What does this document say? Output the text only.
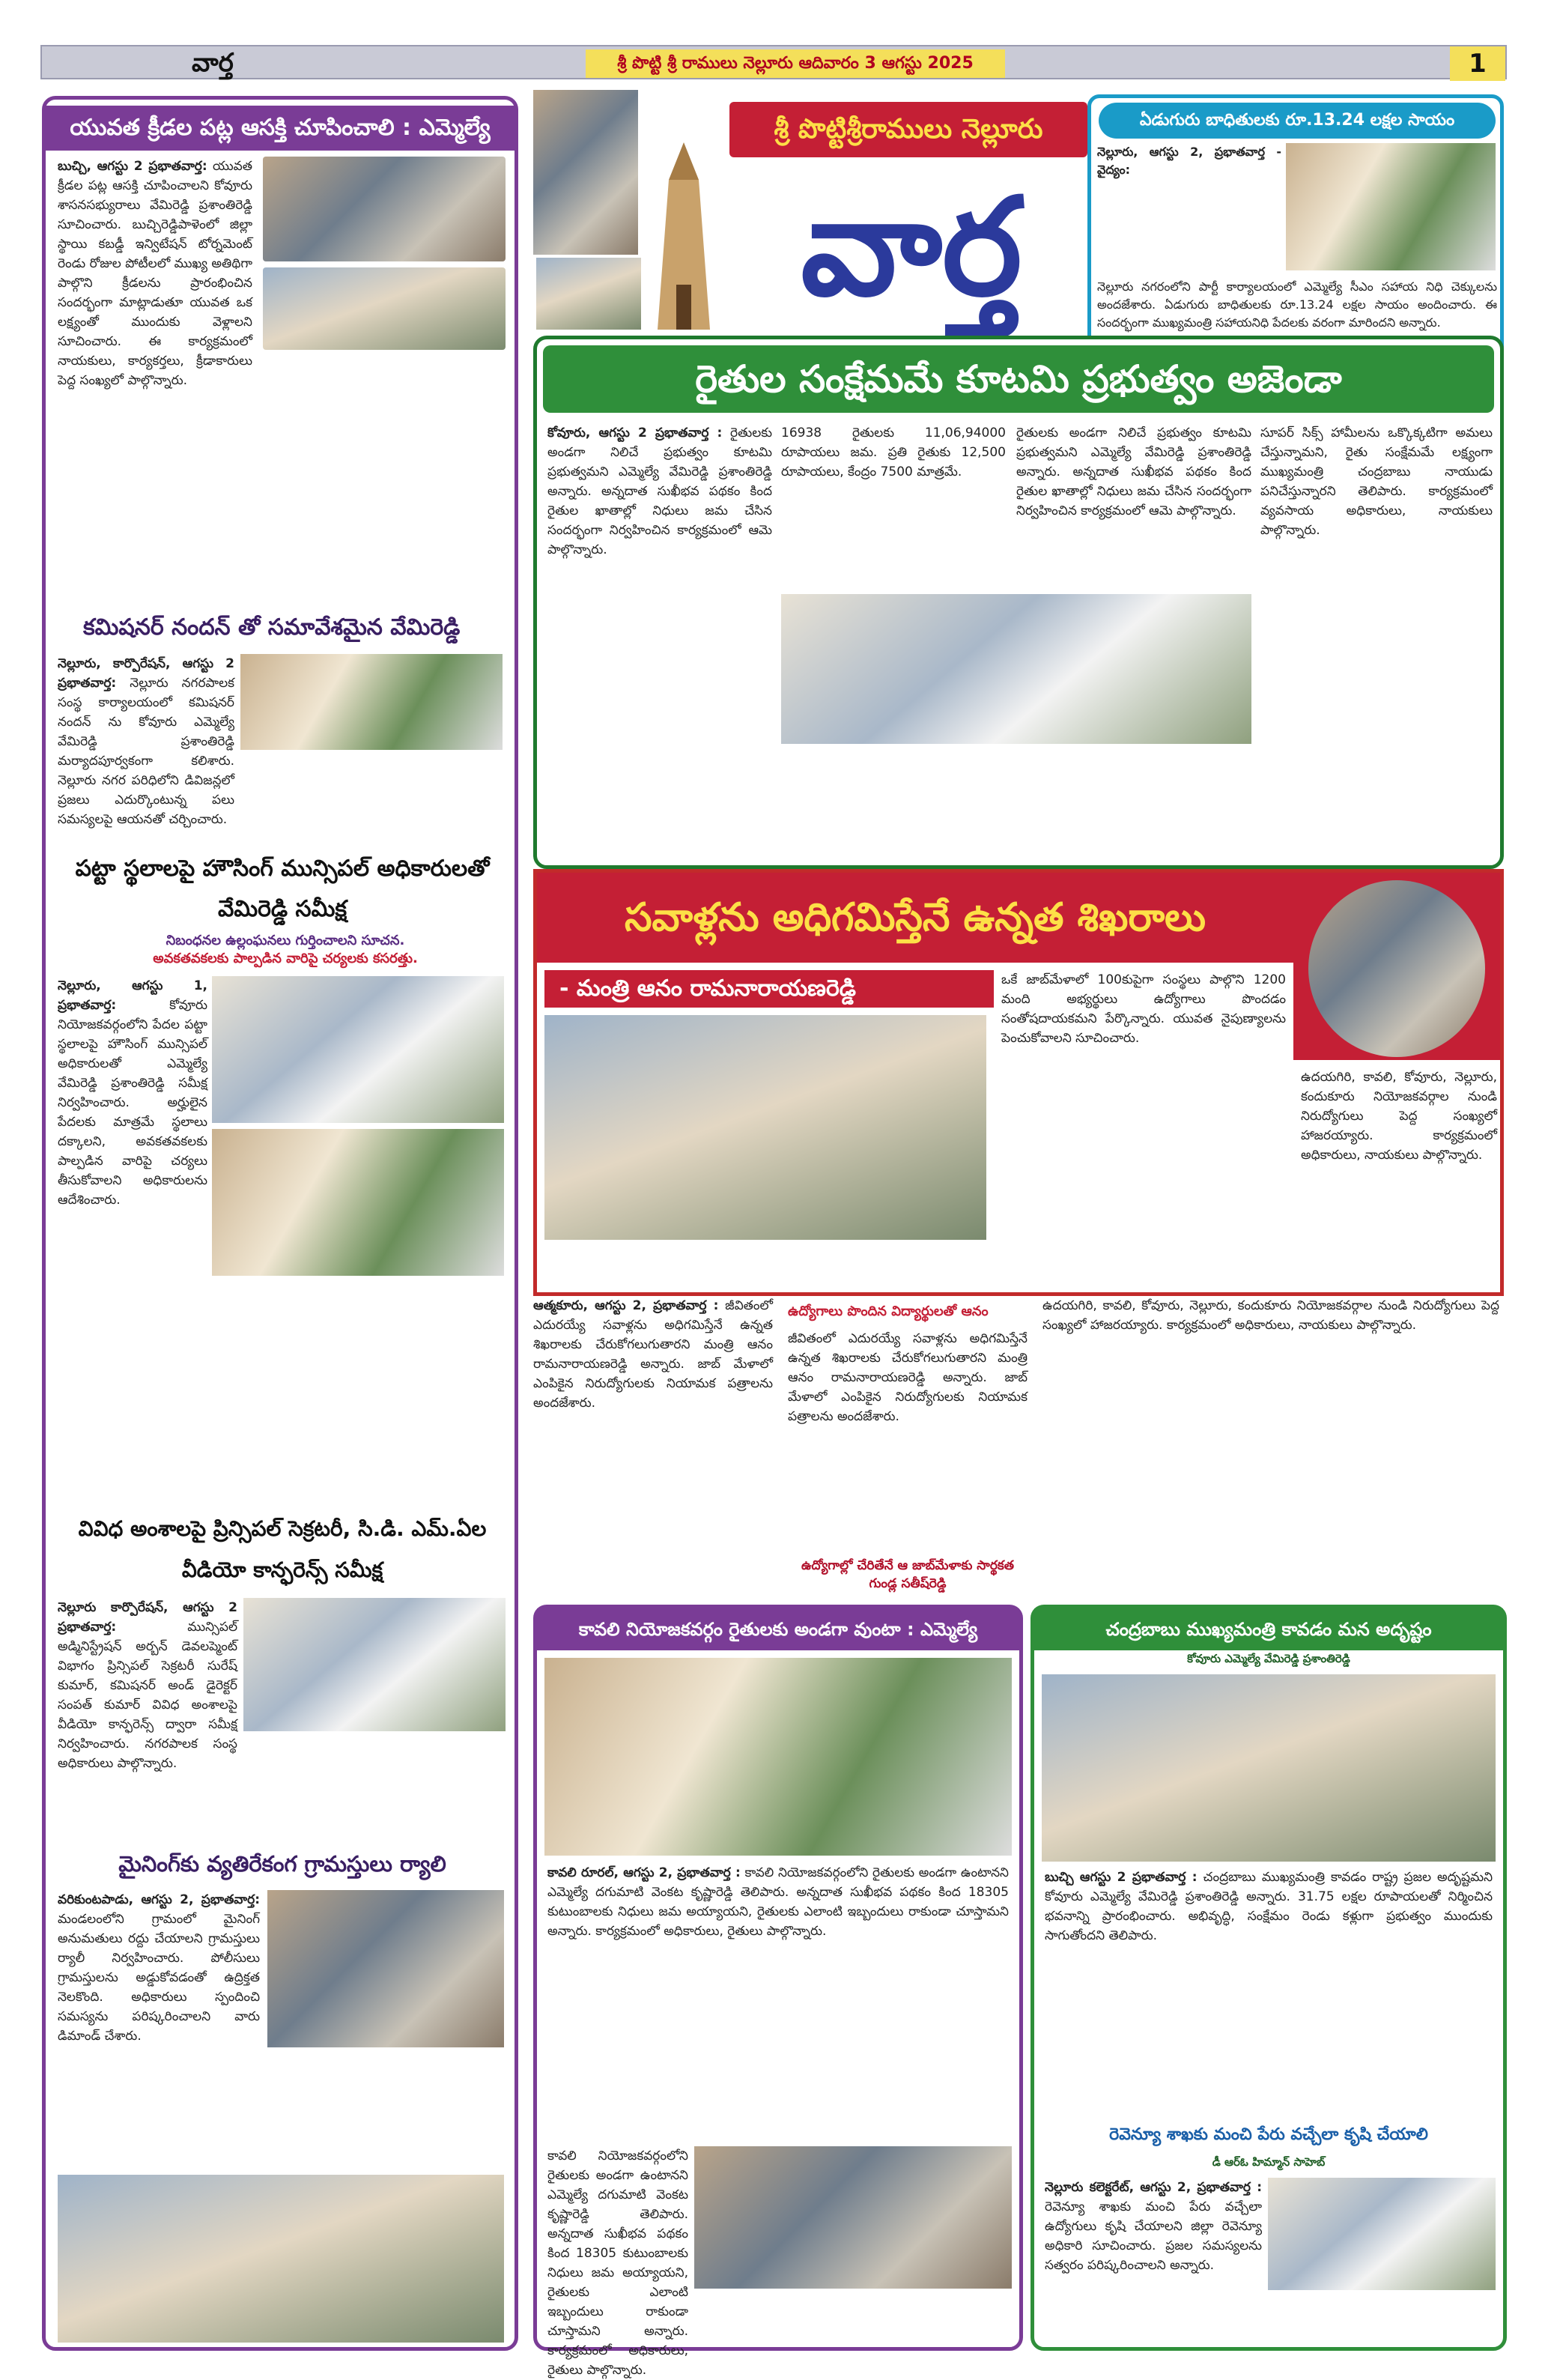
వార్త	శ్రీ పొట్టి శ్రీ రాములు నెల్లూరు ఆదివారం 3 ఆగస్టు 2025	1
యువత క్రీడల పట్ల ఆసక్తి చూపించాలి : ఎమ్మెల్యే
బుచ్చి, ఆగస్టు 2 ప్రభాతవార్త: యువత క్రీడల పట్ల ఆసక్తి చూపించాలని కోవూరు శాసనసభ్యురాలు వేమిరెడ్డి ప్రశాంతిరెడ్డి సూచించారు. బుచ్చిరెడ్డిపాళెంలో జిల్లా స్థాయి కబడ్డీ ఇన్విటేషన్ టోర్నమెంట్ రెండు రోజుల పోటీలలో ముఖ్య అతిథిగా పాల్గొని క్రీడలను ప్రారంభించిన సందర్భంగా మాట్లాడుతూ యువత ఒక లక్ష్యంతో ముందుకు వెళ్లాలని సూచించారు. ఈ కార్యక్రమంలో నాయకులు, కార్యకర్తలు, క్రీడాకారులు పెద్ద సంఖ్యలో పాల్గొన్నారు.
కమిషనర్ నందన్ తో సమావేశమైన వేమిరెడ్డి
నెల్లూరు, కార్పొరేషన్, ఆగస్టు 2 ప్రభాతవార్త: నెల్లూరు నగరపాలక సంస్థ కార్యాలయంలో కమిషనర్ నందన్ ను కోవూరు ఎమ్మెల్యే వేమిరెడ్డి ప్రశాంతిరెడ్డి మర్యాదపూర్వకంగా కలిశారు. నెల్లూరు నగర పరిధిలోని డివిజన్లలో ప్రజలు ఎదుర్కొంటున్న పలు సమస్యలపై ఆయనతో చర్చించారు.
పట్టా స్థలాలపై హౌసింగ్ మున్సిపల్ అధికారులతో వేమిరెడ్డి సమీక్ష
నిబంధనల ఉల్లంఘనలు గుర్తించాలని సూచన.
అవకతవకలకు పాల్పడిన వారిపై చర్యలకు కసరత్తు.
నెల్లూరు, ఆగస్టు 1, ప్రభాతవార్త:	కోవూరు నియోజకవర్గంలోని పేదల పట్టా స్థలాలపై హౌసింగ్ మున్సిపల్ అధికారులతో ఎమ్మెల్యే వేమిరెడ్డి ప్రశాంతిరెడ్డి సమీక్ష నిర్వహించారు. అర్హులైన పేదలకు మాత్రమే స్థలాలు దక్కాలని, అవకతవకలకు పాల్పడిన వారిపై చర్యలు తీసుకోవాలని అధికారులను ఆదేశించారు.
వివిధ అంశాలపై ప్రిన్సిపల్ సెక్రటరీ, సి.డి. ఎమ్.ఏల వీడియో కాన్ఫరెన్స్ సమీక్ష
నెల్లూరు కార్పొరేషన్, ఆగస్టు 2 ప్రభాతవార్త:	మున్సిపల్ అడ్మినిస్ట్రేషన్ అర్బన్ డెవలప్మెంట్ విభాగం ప్రిన్సిపల్ సెక్రటరీ సురేష్ కుమార్, కమిషనర్ అండ్ డైరెక్టర్ సంపత్ కుమార్ వివిధ అంశాలపై వీడియో కాన్ఫరెన్స్ ద్వారా సమీక్ష నిర్వహించారు. నగరపాలక సంస్థ అధికారులు పాల్గొన్నారు.
మైనింగ్‌కు వ్యతిరేకంగ గ్రామస్తులు ర్యాలి
వరికుంటపాడు, ఆగస్టు 2, ప్రభాతవార్త: మండలంలోని గ్రామంలో మైనింగ్ అనుమతులు రద్దు చేయాలని గ్రామస్తులు ర్యాలీ నిర్వహించారు. పోలీసులు గ్రామస్తులను అడ్డుకోవడంతో ఉద్రిక్తత నెలకొంది. అధికారులు స్పందించి సమస్యను పరిష్కరించాలని వారు డిమాండ్ చేశారు.
శ్రీ పొట్టిశ్రీరాములు నెల్లూరు
వార్త
ఏడుగురు బాధితులకు రూ.13.24 లక్షల సాయం
నెల్లూరు, ఆగస్టు 2, ప్రభాతవార్త - వైద్యం:
నెల్లూరు నగరంలోని పార్టీ కార్యాలయంలో ఎమ్మెల్యే సీఎం సహాయ నిధి చెక్కులను అందజేశారు. ఏడుగురు బాధితులకు రూ.13.24 లక్షల సాయం అందించారు. ఈ సందర్భంగా ముఖ్యమంత్రి సహాయనిధి పేదలకు వరంగా మారిందని అన్నారు.
రైతుల సంక్షేమమే కూటమి ప్రభుత్వం అజెండా
కోవూరు, ఆగస్టు 2 ప్రభాతవార్త : రైతులకు అండగా నిలిచే ప్రభుత్వం కూటమి ప్రభుత్వమని ఎమ్మెల్యే వేమిరెడ్డి ప్రశాంతిరెడ్డి అన్నారు. అన్నదాత సుఖీభవ పథకం కింద రైతుల ఖాతాల్లో నిధులు జమ చేసిన సందర్భంగా నిర్వహించిన కార్యక్రమంలో ఆమె పాల్గొన్నారు.
16938 రైతులకు 11,06,94000 రూపాయలు జమ. ప్రతి రైతుకు 12,500 రూపాయలు, కేంద్రం 7500 మాత్రమే.
సూపర్ సిక్స్ హామీలను ఒక్కొక్కటిగా అమలు చేస్తున్నామని, రైతు సంక్షేమమే లక్ష్యంగా ముఖ్యమంత్రి చంద్రబాబు నాయుడు పనిచేస్తున్నారని తెలిపారు. కార్యక్రమంలో వ్యవసాయ అధికారులు, నాయకులు పాల్గొన్నారు.
రైతులకు అండగా నిలిచే ప్రభుత్వం కూటమి ప్రభుత్వమని ఎమ్మెల్యే వేమిరెడ్డి ప్రశాంతిరెడ్డి అన్నారు. అన్నదాత సుఖీభవ పథకం కింద రైతుల ఖాతాల్లో నిధులు జమ చేసిన సందర్భంగా నిర్వహించిన కార్యక్రమంలో ఆమె పాల్గొన్నారు.
సవాళ్లను అధిగమిస్తేనే ఉన్నత శిఖరాలు
- మంత్రి ఆనం రామనారాయణరెడ్డి	ఒకే జాబ్‌మేళాలో 100కుపైగా సంస్థలు పాల్గొని 1200 మంది అభ్యర్థులు ఉద్యోగాలు పొందడం సంతోషదాయకమని పేర్కొన్నారు. యువత నైపుణ్యాలను పెంచుకోవాలని సూచించారు.
ఉదయగిరి, కావలి, కోవూరు, నెల్లూరు, కందుకూరు నియోజకవర్గాల నుండి నిరుద్యోగులు పెద్ద సంఖ్యలో హాజరయ్యారు. కార్యక్రమంలో అధికారులు, నాయకులు పాల్గొన్నారు.
ఆత్మకూరు, ఆగస్టు 2, ప్రభాతవార్త : జీవితంలో ఎదురయ్యే సవాళ్లను అధిగమిస్తేనే ఉన్నత శిఖరాలకు చేరుకోగలుగుతారని మంత్రి ఆనం రామనారాయణరెడ్డి అన్నారు. జాబ్ మేళాలో ఎంపికైన నిరుద్యోగులకు నియామక పత్రాలను అందజేశారు.
ఉద్యోగాలు పొందిన విద్యార్థులతో ఆనం
జీవితంలో ఎదురయ్యే సవాళ్లను అధిగమిస్తేనే ఉన్నత శిఖరాలకు చేరుకోగలుగుతారని మంత్రి ఆనం రామనారాయణరెడ్డి అన్నారు. జాబ్ మేళాలో ఎంపికైన నిరుద్యోగులకు నియామక పత్రాలను అందజేశారు.
ఉద్యోగాల్లో చేరితేనే ఆ జాబ్‌మేళాకు సార్థకత
గుండ్ల సతీష్‌రెడ్డి
ఉదయగిరి, కావలి, కోవూరు, నెల్లూరు, కందుకూరు నియోజకవర్గాల నుండి నిరుద్యోగులు పెద్ద సంఖ్యలో హాజరయ్యారు. కార్యక్రమంలో అధికారులు, నాయకులు పాల్గొన్నారు.
కావలి నియోజకవర్గం రైతులకు అండగా వుంటా : ఎమ్మెల్యే
కావలి రూరల్, ఆగస్టు 2, ప్రభాతవార్త : కావలి నియోజకవర్గంలోని రైతులకు అండగా ఉంటానని ఎమ్మెల్యే దగుమాటి వెంకట కృష్ణారెడ్డి తెలిపారు. అన్నదాత సుఖీభవ పథకం కింద 18305 కుటుంబాలకు నిధులు జమ అయ్యాయని, రైతులకు ఎలాంటి ఇబ్బందులు రాకుండా చూస్తామని అన్నారు. కార్యక్రమంలో అధికారులు, రైతులు పాల్గొన్నారు.
కావలి నియోజకవర్గంలోని రైతులకు అండగా ఉంటానని ఎమ్మెల్యే దగుమాటి వెంకట కృష్ణారెడ్డి తెలిపారు. అన్నదాత సుఖీభవ పథకం కింద 18305 కుటుంబాలకు నిధులు జమ అయ్యాయని, రైతులకు ఎలాంటి ఇబ్బందులు రాకుండా చూస్తామని అన్నారు. కార్యక్రమంలో అధికారులు, రైతులు పాల్గొన్నారు.
చంద్రబాబు ముఖ్యమంత్రి కావడం మన అదృష్టం
కోవూరు ఎమ్మెల్యే వేమిరెడ్డి ప్రశాంతిరెడ్డి
బుచ్చి ఆగస్టు 2 ప్రభాతవార్త : చంద్రబాబు ముఖ్యమంత్రి కావడం రాష్ట్ర ప్రజల అదృష్టమని కోవూరు ఎమ్మెల్యే వేమిరెడ్డి ప్రశాంతిరెడ్డి అన్నారు. 31.75 లక్షల రూపాయలతో నిర్మించిన భవనాన్ని ప్రారంభించారు. అభివృద్ధి, సంక్షేమం రెండు కళ్లుగా ప్రభుత్వం ముందుకు సాగుతోందని తెలిపారు.
రెవెన్యూ శాఖకు మంచి పేరు వచ్చేలా కృషి చేయాలి
డీ ఆర్ఓ హిమ్మాన్ సాహెబ్
నెల్లూరు కలెక్టరేట్, ఆగస్టు 2, ప్రభాతవార్త : రెవెన్యూ శాఖకు మంచి పేరు వచ్చేలా ఉద్యోగులు కృషి చేయాలని జిల్లా రెవెన్యూ అధికారి సూచించారు. ప్రజల సమస్యలను సత్వరం పరిష్కరించాలని అన్నారు.
